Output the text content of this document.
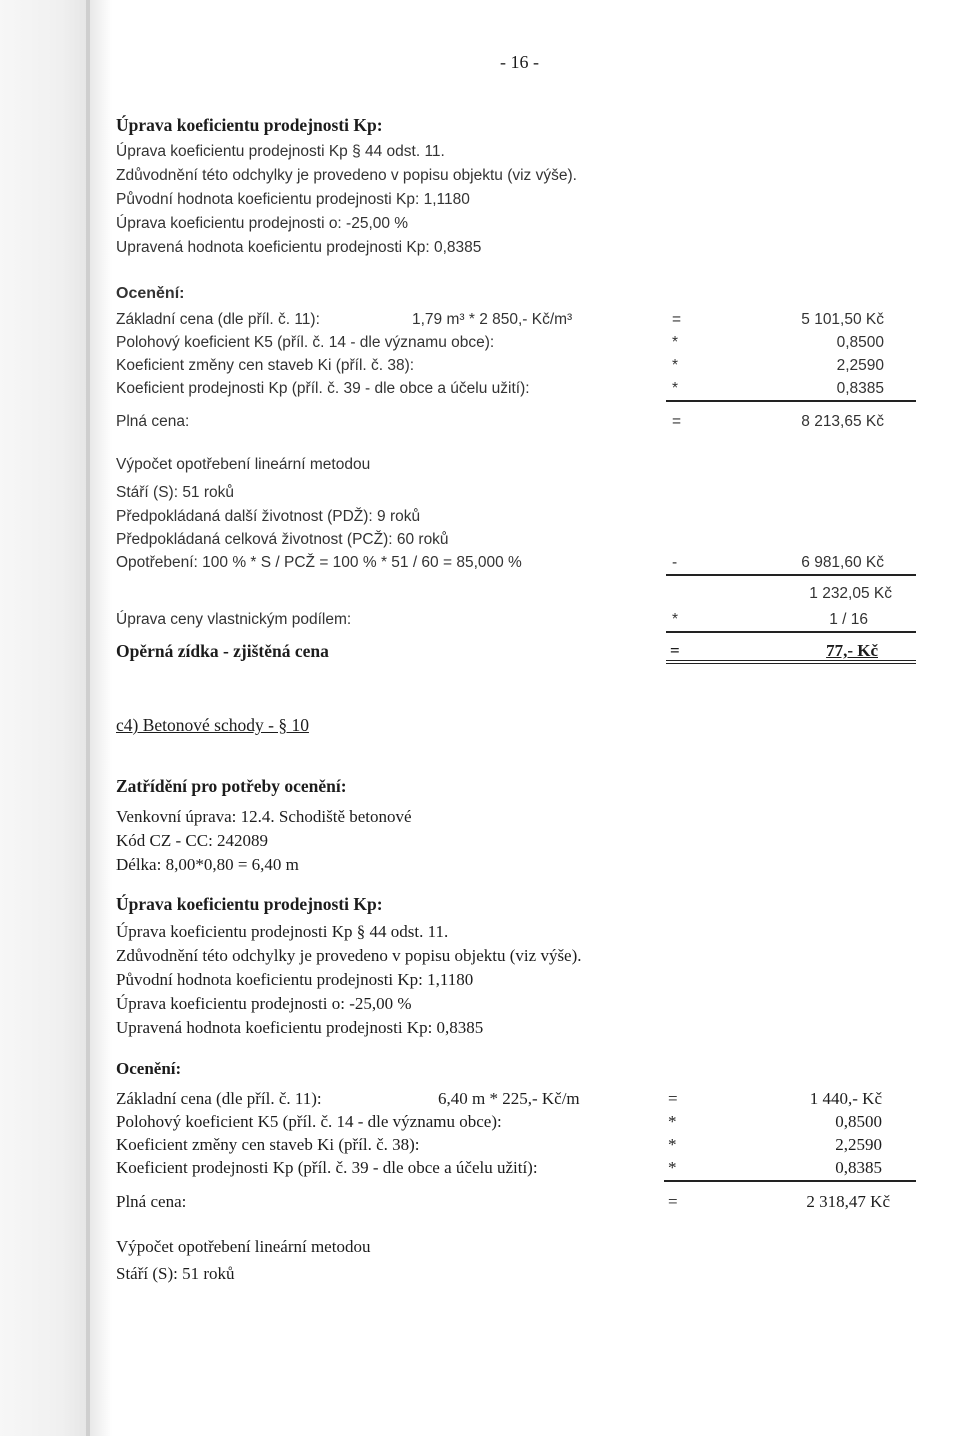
- 16 -
Úprava koeficientu prodejnosti Kp:
Úprava koeficientu prodejnosti Kp § 44 odst. 11.
Zdůvodnění této odchylky je provedeno v popisu objektu (viz výše).
Původní hodnota koeficientu prodejnosti Kp: 1,1180
Úprava koeficientu prodejnosti o: -25,00 %
Upravená hodnota koeficientu prodejnosti Kp: 0,8385
Ocenění:
Základní cena (dle příl. č. 11):	1,79 m³ * 2 850,- Kč/m³	=	5 101,50 Kč
Polohový koeficient K5 (příl. č. 14 - dle významu obce):	*	0,8500
Koeficient změny cen staveb Ki (příl. č. 38):	*	2,2590
Koeficient prodejnosti Kp (příl. č. 39 - dle obce a účelu užití):	*	0,8385
Plná cena:	=	8 213,65 Kč
Výpočet opotřebení lineární metodou
Stáří (S): 51 roků
Předpokládaná další životnost (PDŽ): 9 roků
Předpokládaná celková životnost (PCŽ): 60 roků
Opotřebení: 100 % * S / PCŽ = 100 % * 51 / 60 = 85,000 %	-	6 981,60 Kč
1 232,05 Kč
Úprava ceny vlastnickým podílem:	*	1 / 16
Opěrná zídka - zjištěná cena	=	77,- Kč
c4) Betonové schody - § 10
Zatřídění pro potřeby ocenění:
Venkovní úprava: 12.4. Schodiště betonové
Kód CZ - CC: 242089
Délka: 8,00*0,80 = 6,40 m
Úprava koeficientu prodejnosti Kp:
Úprava koeficientu prodejnosti Kp § 44 odst. 11.
Zdůvodnění této odchylky je provedeno v popisu objektu (viz výše).
Původní hodnota koeficientu prodejnosti Kp: 1,1180
Úprava koeficientu prodejnosti o: -25,00 %
Upravená hodnota koeficientu prodejnosti Kp: 0,8385
Ocenění:
Základní cena (dle příl. č. 11):	6,40 m * 225,- Kč/m	=	1 440,- Kč
Polohový koeficient K5 (příl. č. 14 - dle významu obce):	*	0,8500
Koeficient změny cen staveb Ki (příl. č. 38):	*	2,2590
Koeficient prodejnosti Kp (příl. č. 39 - dle obce a účelu užití):	*	0,8385
Plná cena:	=	2 318,47 Kč
Výpočet opotřebení lineární metodou
Stáří (S): 51 roků
